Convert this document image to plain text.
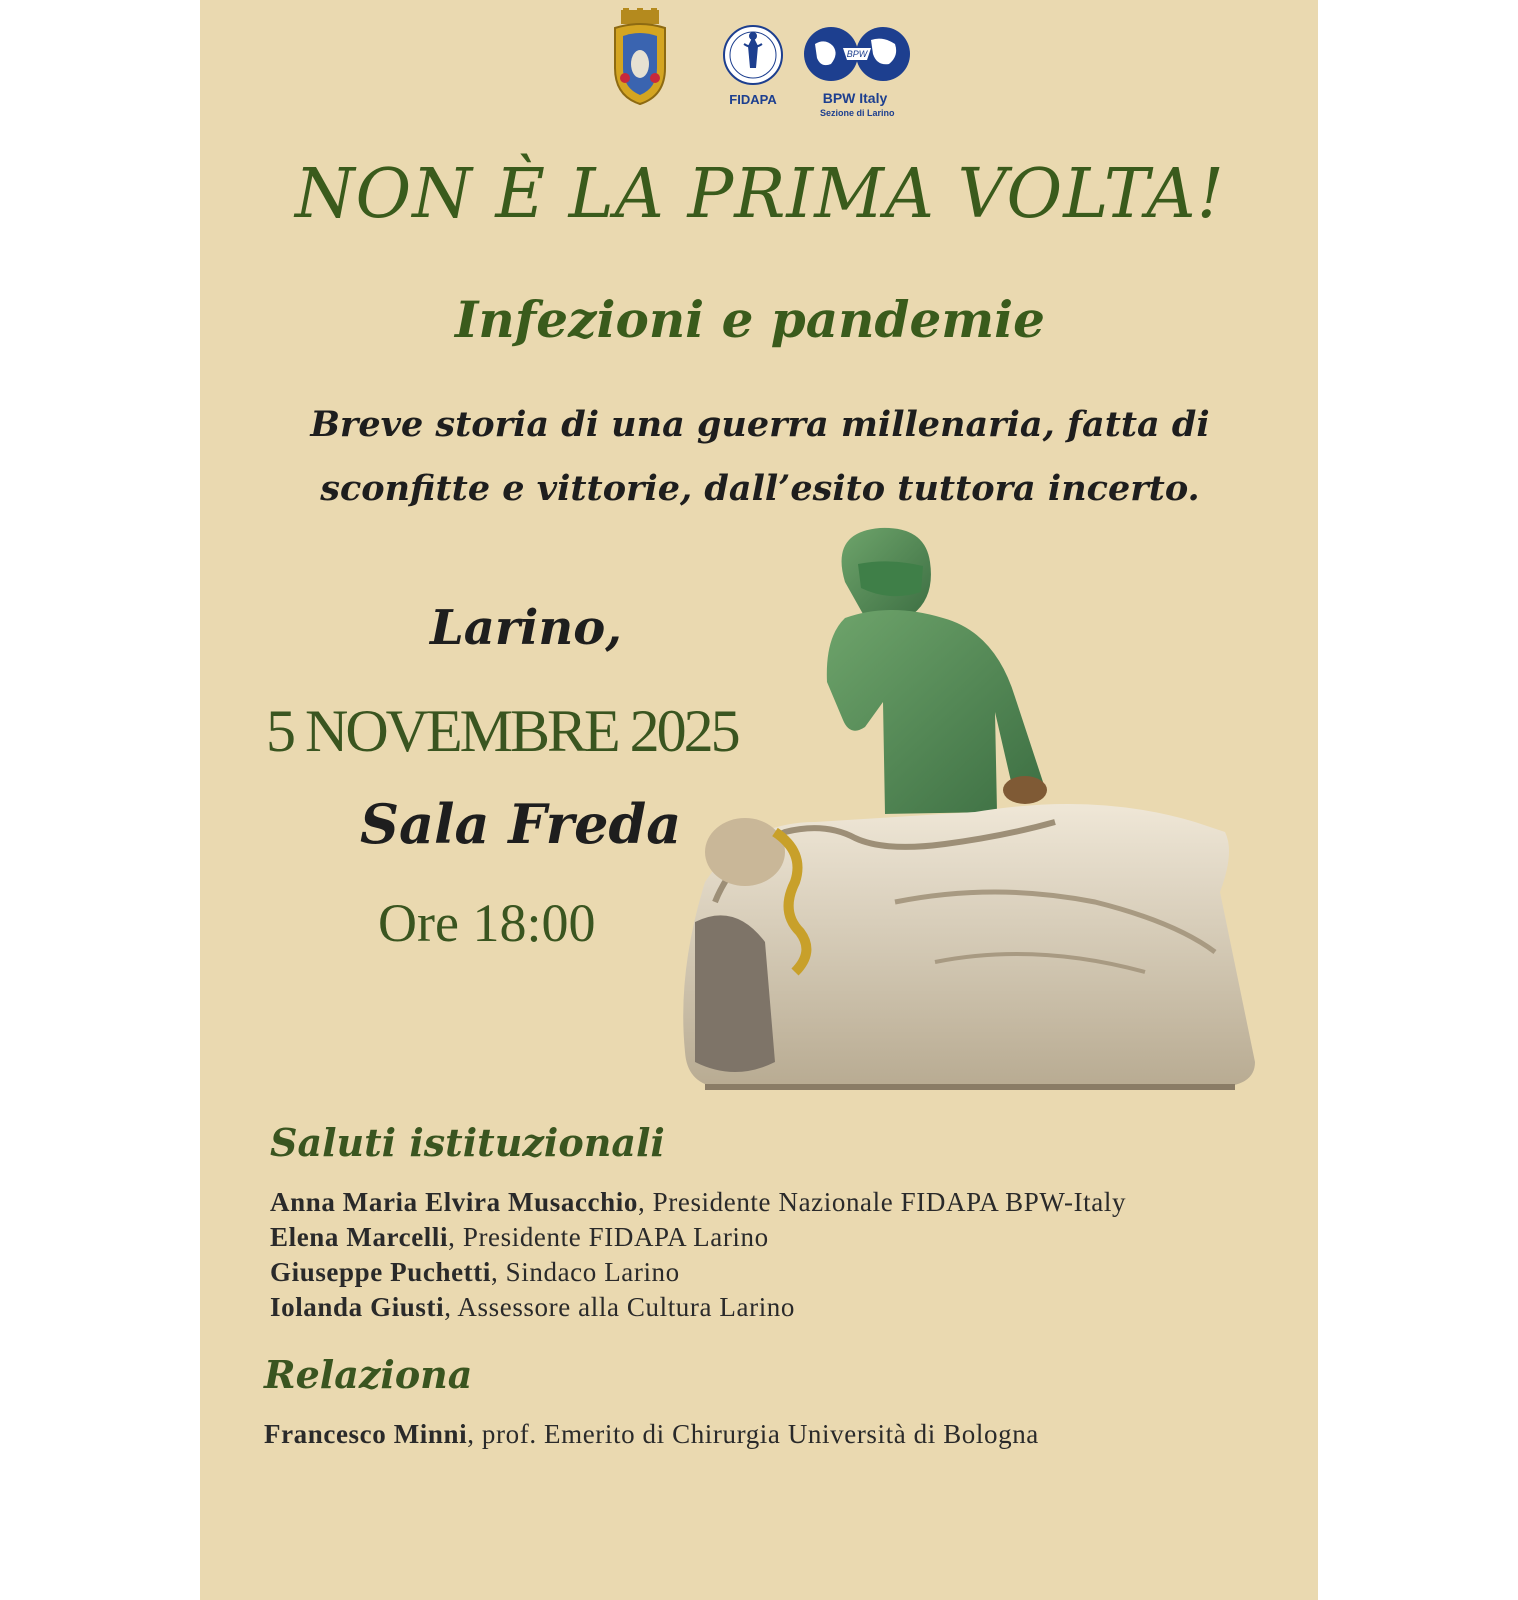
FIDAPA
BPW
BPW Italy
Sezione di Larino
NON È LA PRIMA VOLTA!
Infezioni e pandemie
Breve storia di una guerra millenaria, fatta di
sconfitte e vittorie, dall’esito tuttora incerto.
Larino,
5 NOVEMBRE 2025
Sala Freda
Ore 18:00
Saluti istituzionali
Anna Maria Elvira Musacchio, Presidente Nazionale FIDAPA BPW-Italy
Elena Marcelli, Presidente FIDAPA Larino
Giuseppe Puchetti, Sindaco Larino
Iolanda Giusti, Assessore alla Cultura Larino
Relaziona
Francesco Minni, prof. Emerito di Chirurgia Università di Bologna
